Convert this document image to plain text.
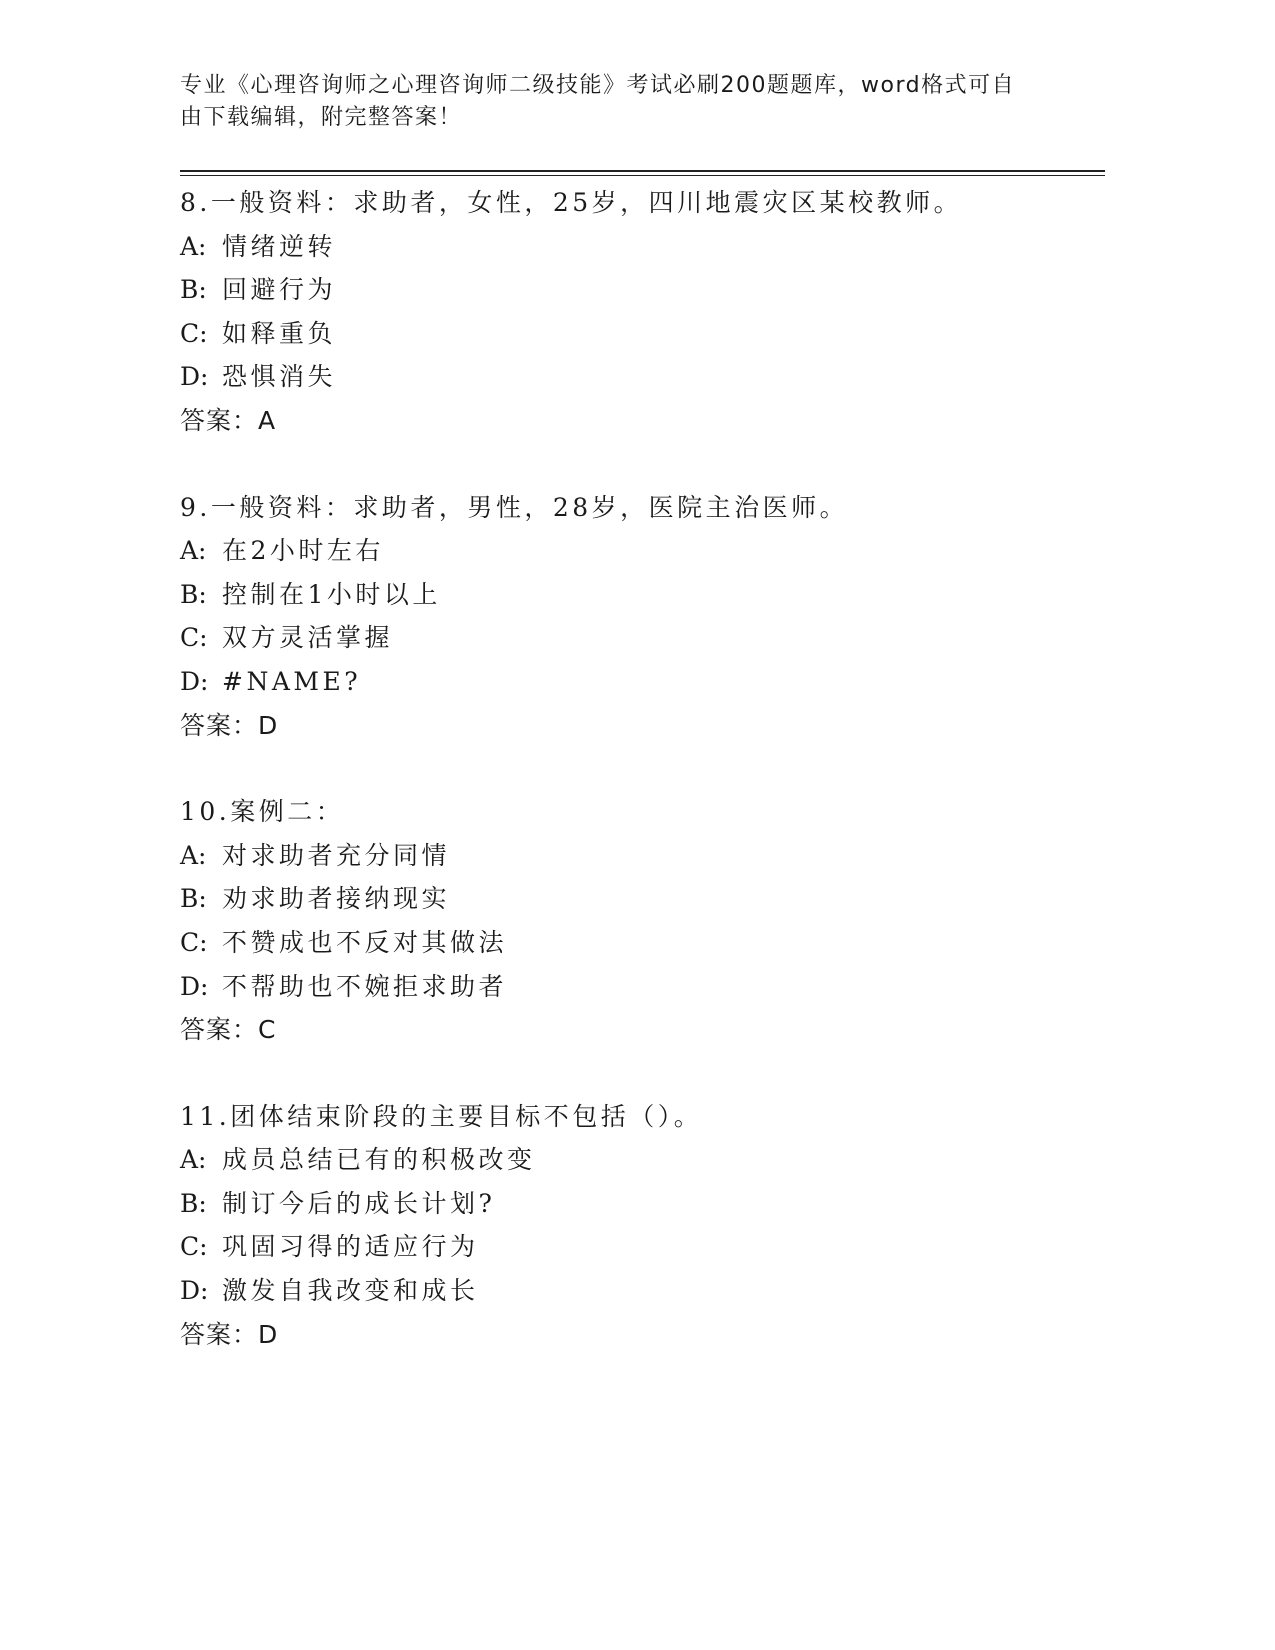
专业《心理咨询师之心理咨询师二级技能》考试必刷200题题库，word格式可自
由下载编辑，附完整答案！
8.一般资料：求助者，女性，25岁，四川地震灾区某校教师。
A: 情绪逆转
B: 回避行为
C: 如释重负
D: 恐惧消失
答案：A
9.一般资料：求助者，男性，28岁，医院主治医师。
A: 在2小时左右
B: 控制在1小时以上
C: 双方灵活掌握
D: #NAME?
答案：D
10.案例二：
A: 对求助者充分同情
B: 劝求助者接纳现实
C: 不赞成也不反对其做法
D: 不帮助也不婉拒求助者
答案：C
11.团体结束阶段的主要目标不包括（）。
A: 成员总结已有的积极改变
B: 制订今后的成长计划?
C: 巩固习得的适应行为
D: 激发自我改变和成长
答案：D
